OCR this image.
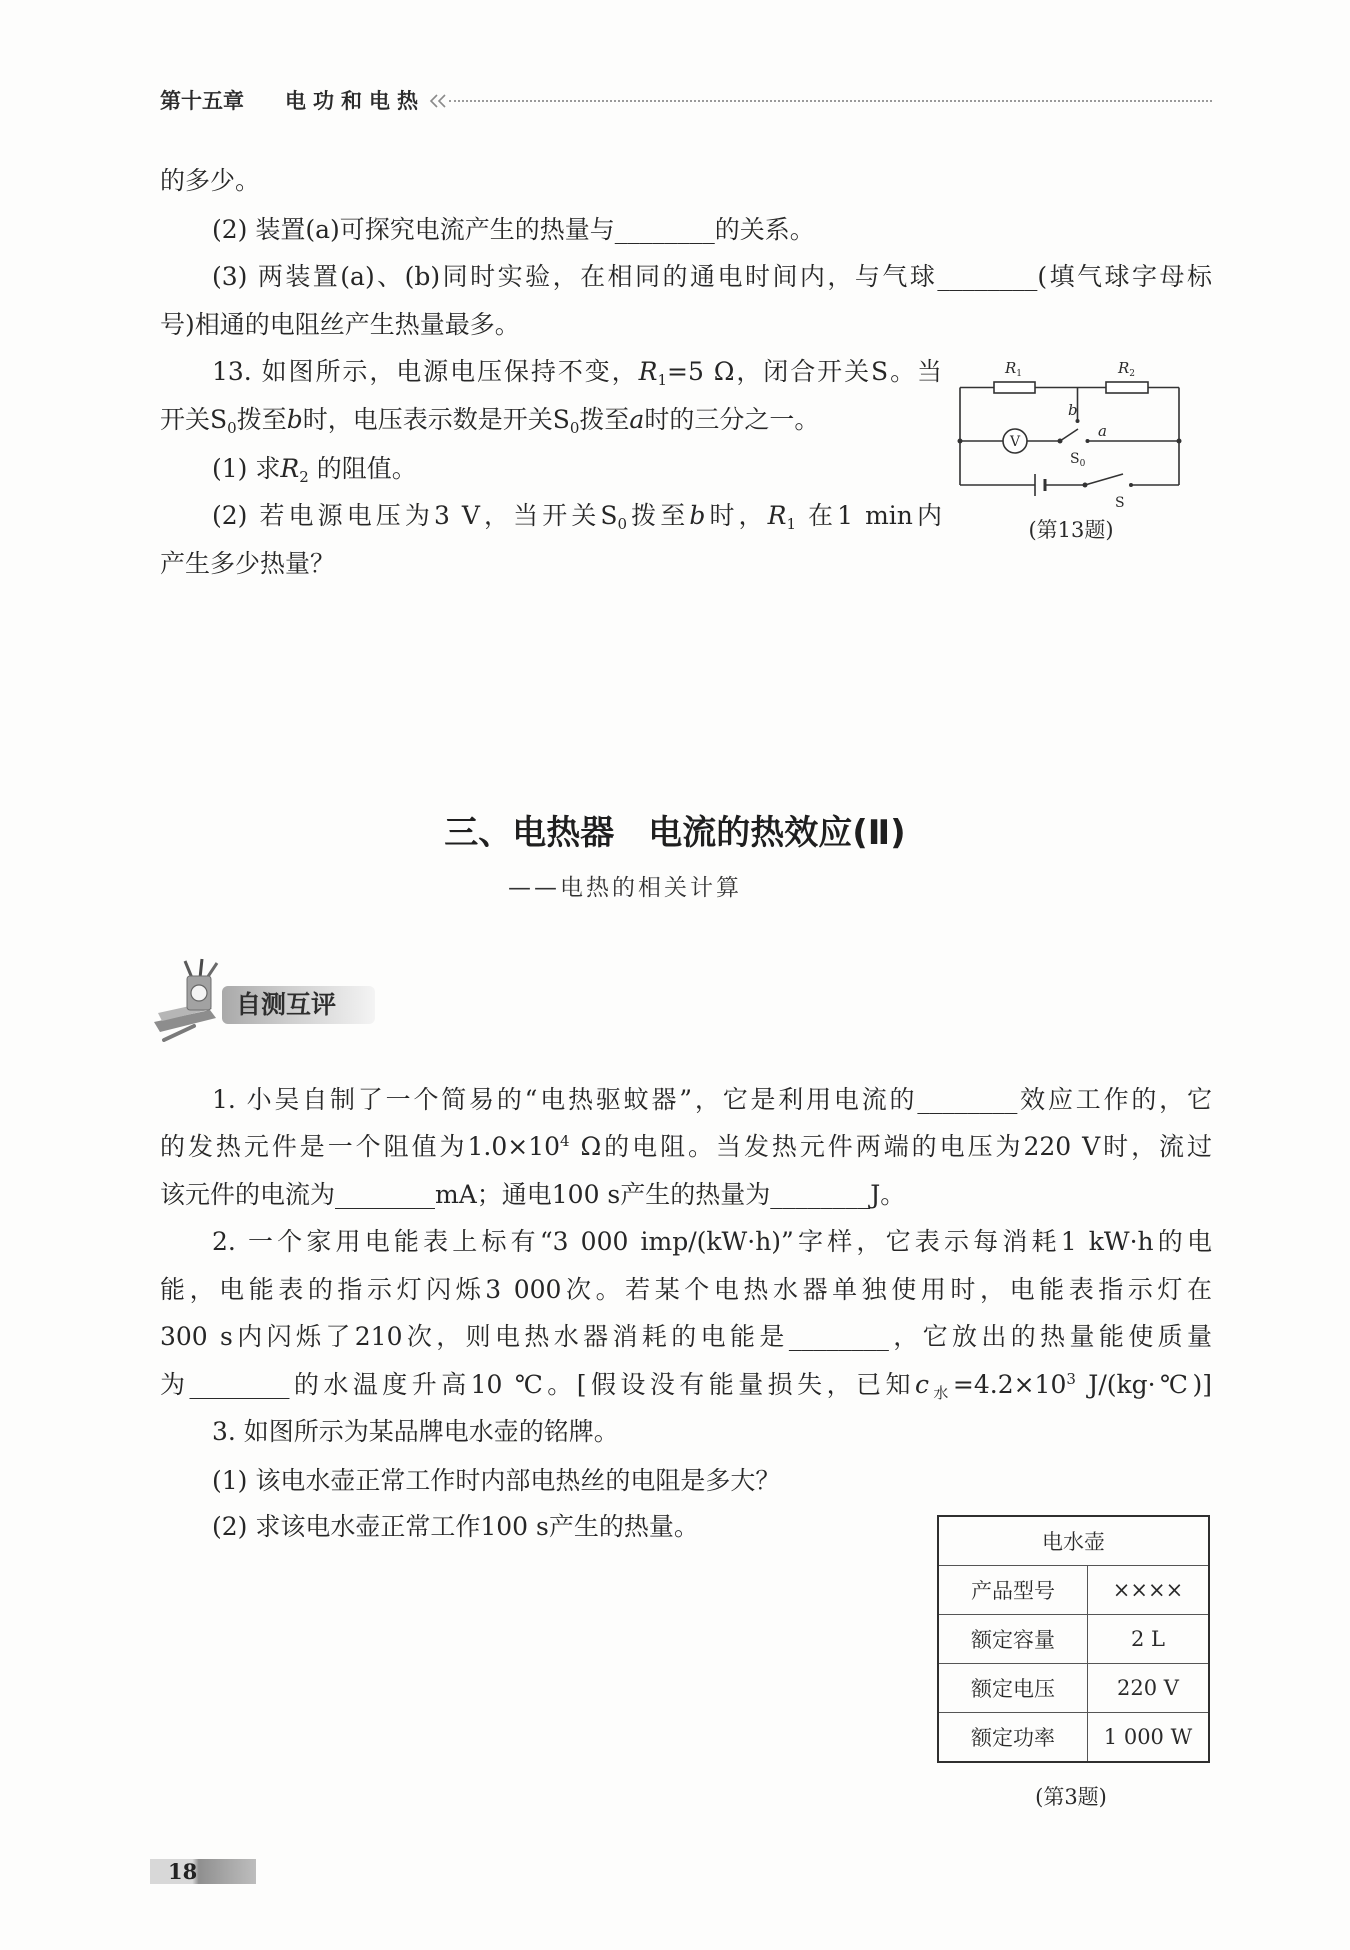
第十五章 电功和电热
的多少。
(2) 装置(a)可探究电流产生的热量与________的关系。
(3) 两装置(a)、(b)同时实验，在相同的通电时间内，与气球________(填气球字母标
号)相通的电阻丝产生热量最多。
13. 如图所示，电源电压保持不变，R1=5 Ω，闭合开关S。当
开关S0拨至b时，电压表示数是开关S0拨至a时的三分之一。
(1) 求R2 的阻值。
(2) 若电源电压为3 V，当开关S0拨至b时，R1 在1 min内
产生多少热量？
V
$R_1$	$R_2$
b
a
$S_0$
S
(第13题)
三、电热器　电流的热效应(Ⅱ)
——电热的相关计算
自测互评
1. 小吴自制了一个简易的“电热驱蚊器”，它是利用电流的________效应工作的，它
的发热元件是一个阻值为$1.0\times 10^4$ Ω的电阻。当发热元件两端的电压为220 V时，流过
该元件的电流为________mA；通电100 s产生的热量为________J。
2. 一个家用电能表上标有“3 000 imp/(kW·h)”字样，它表示每消耗1 kW·h的电
能，电能表的指示灯闪烁3 000次。若某个电热水器单独使用时，电能表指示灯在
300 s内闪烁了210次，则电热水器消耗的电能是________，它放出的热量能使质量
为________的水温度升高10 ℃。[假设没有能量损失，已知c水$=4.2\times 10^3$ J/(kg·℃)]
3. 如图所示为某品牌电水壶的铭牌。
(1) 该电水壶正常工作时内部电热丝的电阻是多大？
(2) 求该电水壶正常工作100 s产生的热量。
电水壶	
产品型号	××××
额定容量	2 L
额定电压	220 V
额定功率	1 000 W
(第3题)
18
